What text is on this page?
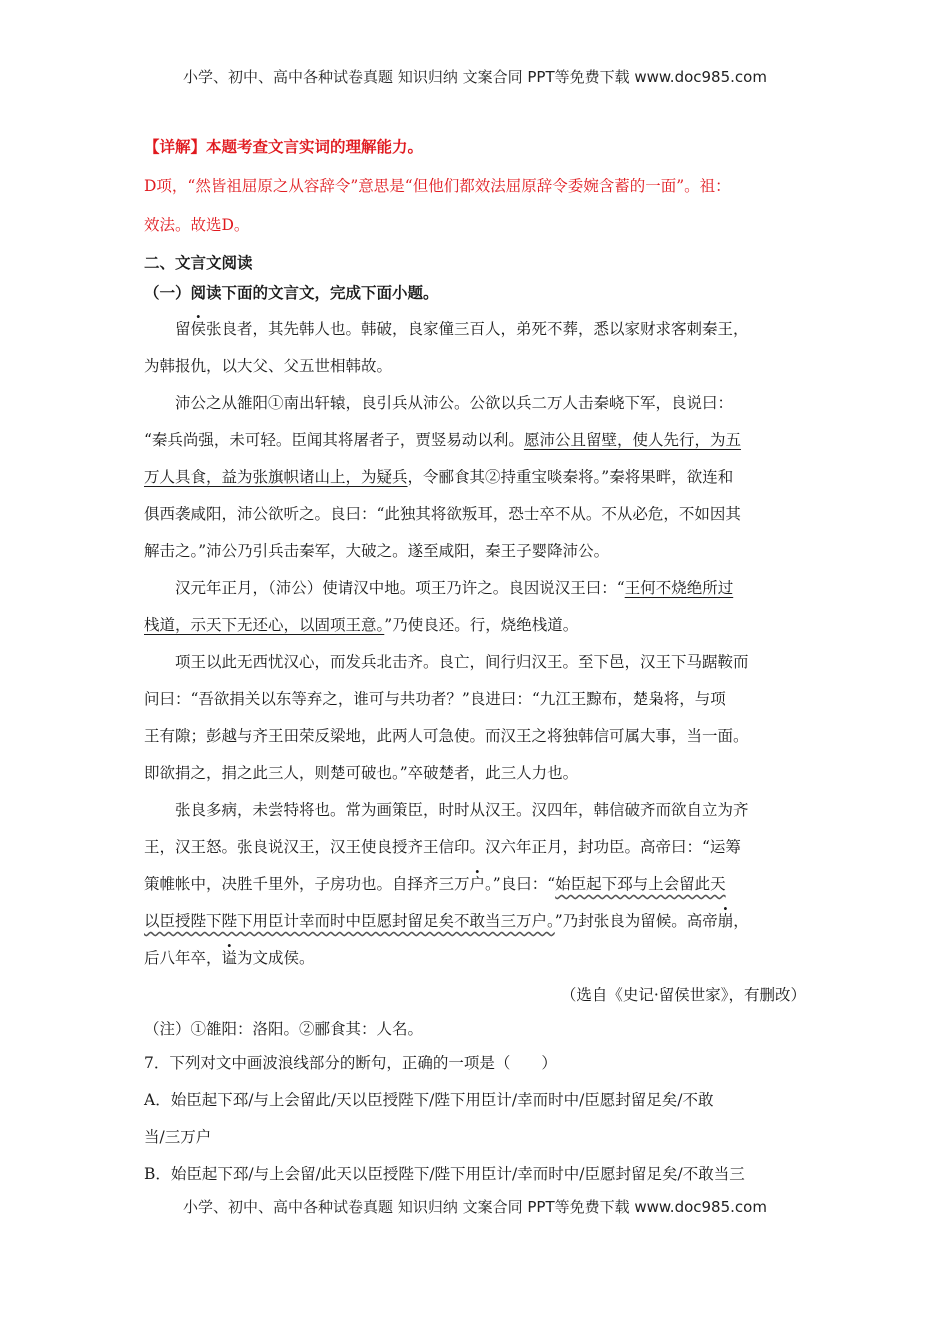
小学、初中、高中各种试卷真题 知识归纳 文案合同 PPT等免费下载 www.doc985.com
【详解】本题考查文言实词的理解能力。
D项，“然皆祖屈原之从容辞令”意思是“但他们都效法屈原辞令委婉含蓄的一面”。祖：
效法。故选D。
二、文言文阅读
（一）阅读下面的文言文，完成下面小题。
留侯张良者，其先韩人也。韩破，良家僮三百人，弟死不葬，悉以家财求客刺秦王，
为韩报仇，以大父、父五世相韩故。
沛公之从雒阳①南出轩辕，良引兵从沛公。公欲以兵二万人击秦峣下军，良说曰：
“秦兵尚强，未可轻。臣闻其将屠者子，贾竖易动以利。愿沛公且留壁，使人先行，为五
万人具食，益为张旗帜诸山上，为疑兵，令郦食其②持重宝啖秦将。”秦将果畔，欲连和
俱西袭咸阳，沛公欲听之。良曰：“此独其将欲叛耳，恐士卒不从。不从必危，不如因其
解击之。”沛公乃引兵击秦军，大破之。遂至咸阳，秦王子婴降沛公。
汉元年正月，（沛公）使请汉中地。项王乃许之。良因说汉王曰：“王何不烧绝所过
栈道，示天下无还心，以固项王意。”乃使良还。行，烧绝栈道。
项王以此无西忧汉心，而发兵北击齐。良亡，间行归汉王。至下邑，汉王下马踞鞍而
问曰：“吾欲捐关以东等弃之，谁可与共功者？”良进曰：“九江王黥布，楚枭将，与项
王有隙；彭越与齐王田荣反梁地，此两人可急使。而汉王之将独韩信可属大事，当一面。
即欲捐之，捐之此三人，则楚可破也。”卒破楚者，此三人力也。
张良多病，未尝特将也。常为画策臣，时时从汉王。汉四年，韩信破齐而欲自立为齐
王，汉王怒。张良说汉王，汉王使良授齐王信印。汉六年正月，封功臣。高帝曰：“运筹
策帷帐中，决胜千里外，子房功也。自择齐三万户。”良曰：“始臣起下邳与上会留此天
以臣授陛下陛下用臣计幸而时中臣愿封留足矣不敢当三万户。”乃封张良为留候。高帝崩，
后八年卒，谥为文成侯。
（选自《史记·留侯世家》，有删改）
（注）①雒阳：洛阳。②郦食其：人名。
7．下列对文中画波浪线部分的断句，正确的一项是（　　）
A．始臣起下邳/与上会留此/天以臣授陛下/陛下用臣计/幸而时中/臣愿封留足矣/不敢
当/三万户
B．始臣起下邳/与上会留/此天以臣授陛下/陛下用臣计/幸而时中/臣愿封留足矣/不敢当三
小学、初中、高中各种试卷真题 知识归纳 文案合同 PPT等免费下载 www.doc985.com
